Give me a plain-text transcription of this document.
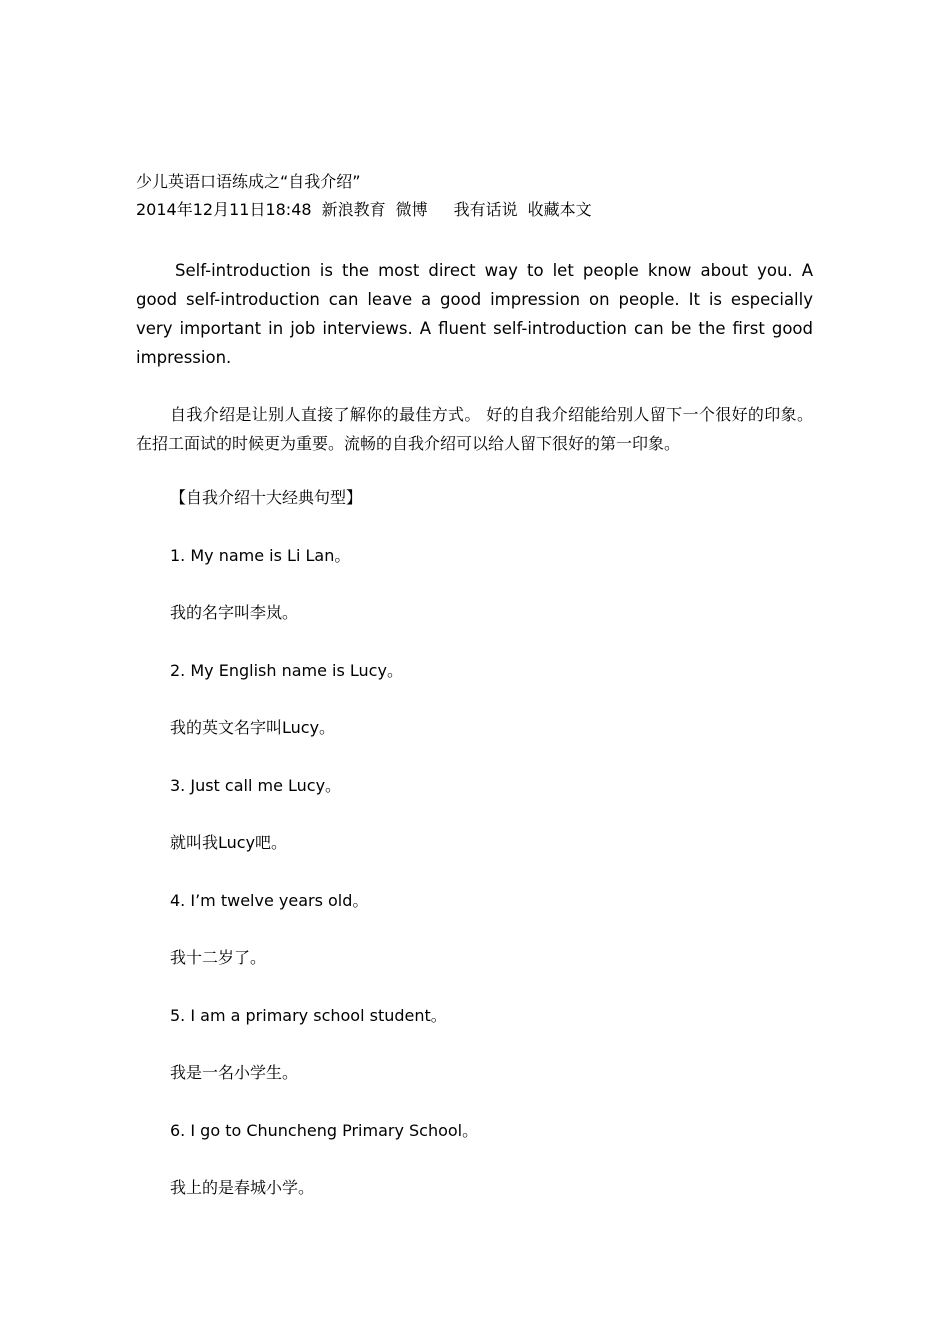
少儿英语口语练成之“自我介绍”
2014年12月11日18:48 新浪教育 微博 我有话说 收藏本文

Self-introduction is the most direct way to let people know about you. A good self-introduction can leave a good impression on people. It is especially very important in job interviews. A fluent self-introduction can be the first good impression.

自我介绍是让别人直接了解你的最佳方式。 好的自我介绍能给别人留下一个很好的印象。在招工面试的时候更为重要。流畅的自我介绍可以给人留下很好的第一印象。

【自我介绍十大经典句型】
1. My name is Li Lan。
我的名字叫李岚。
2. My English name is Lucy。
我的英文名字叫Lucy。
3. Just call me Lucy。
就叫我Lucy吧。
4. I’m twelve years old。
我十二岁了。
5. I am a primary school student。
我是一名小学生。
6. I go to Chuncheng Primary School。
我上的是春城小学。
